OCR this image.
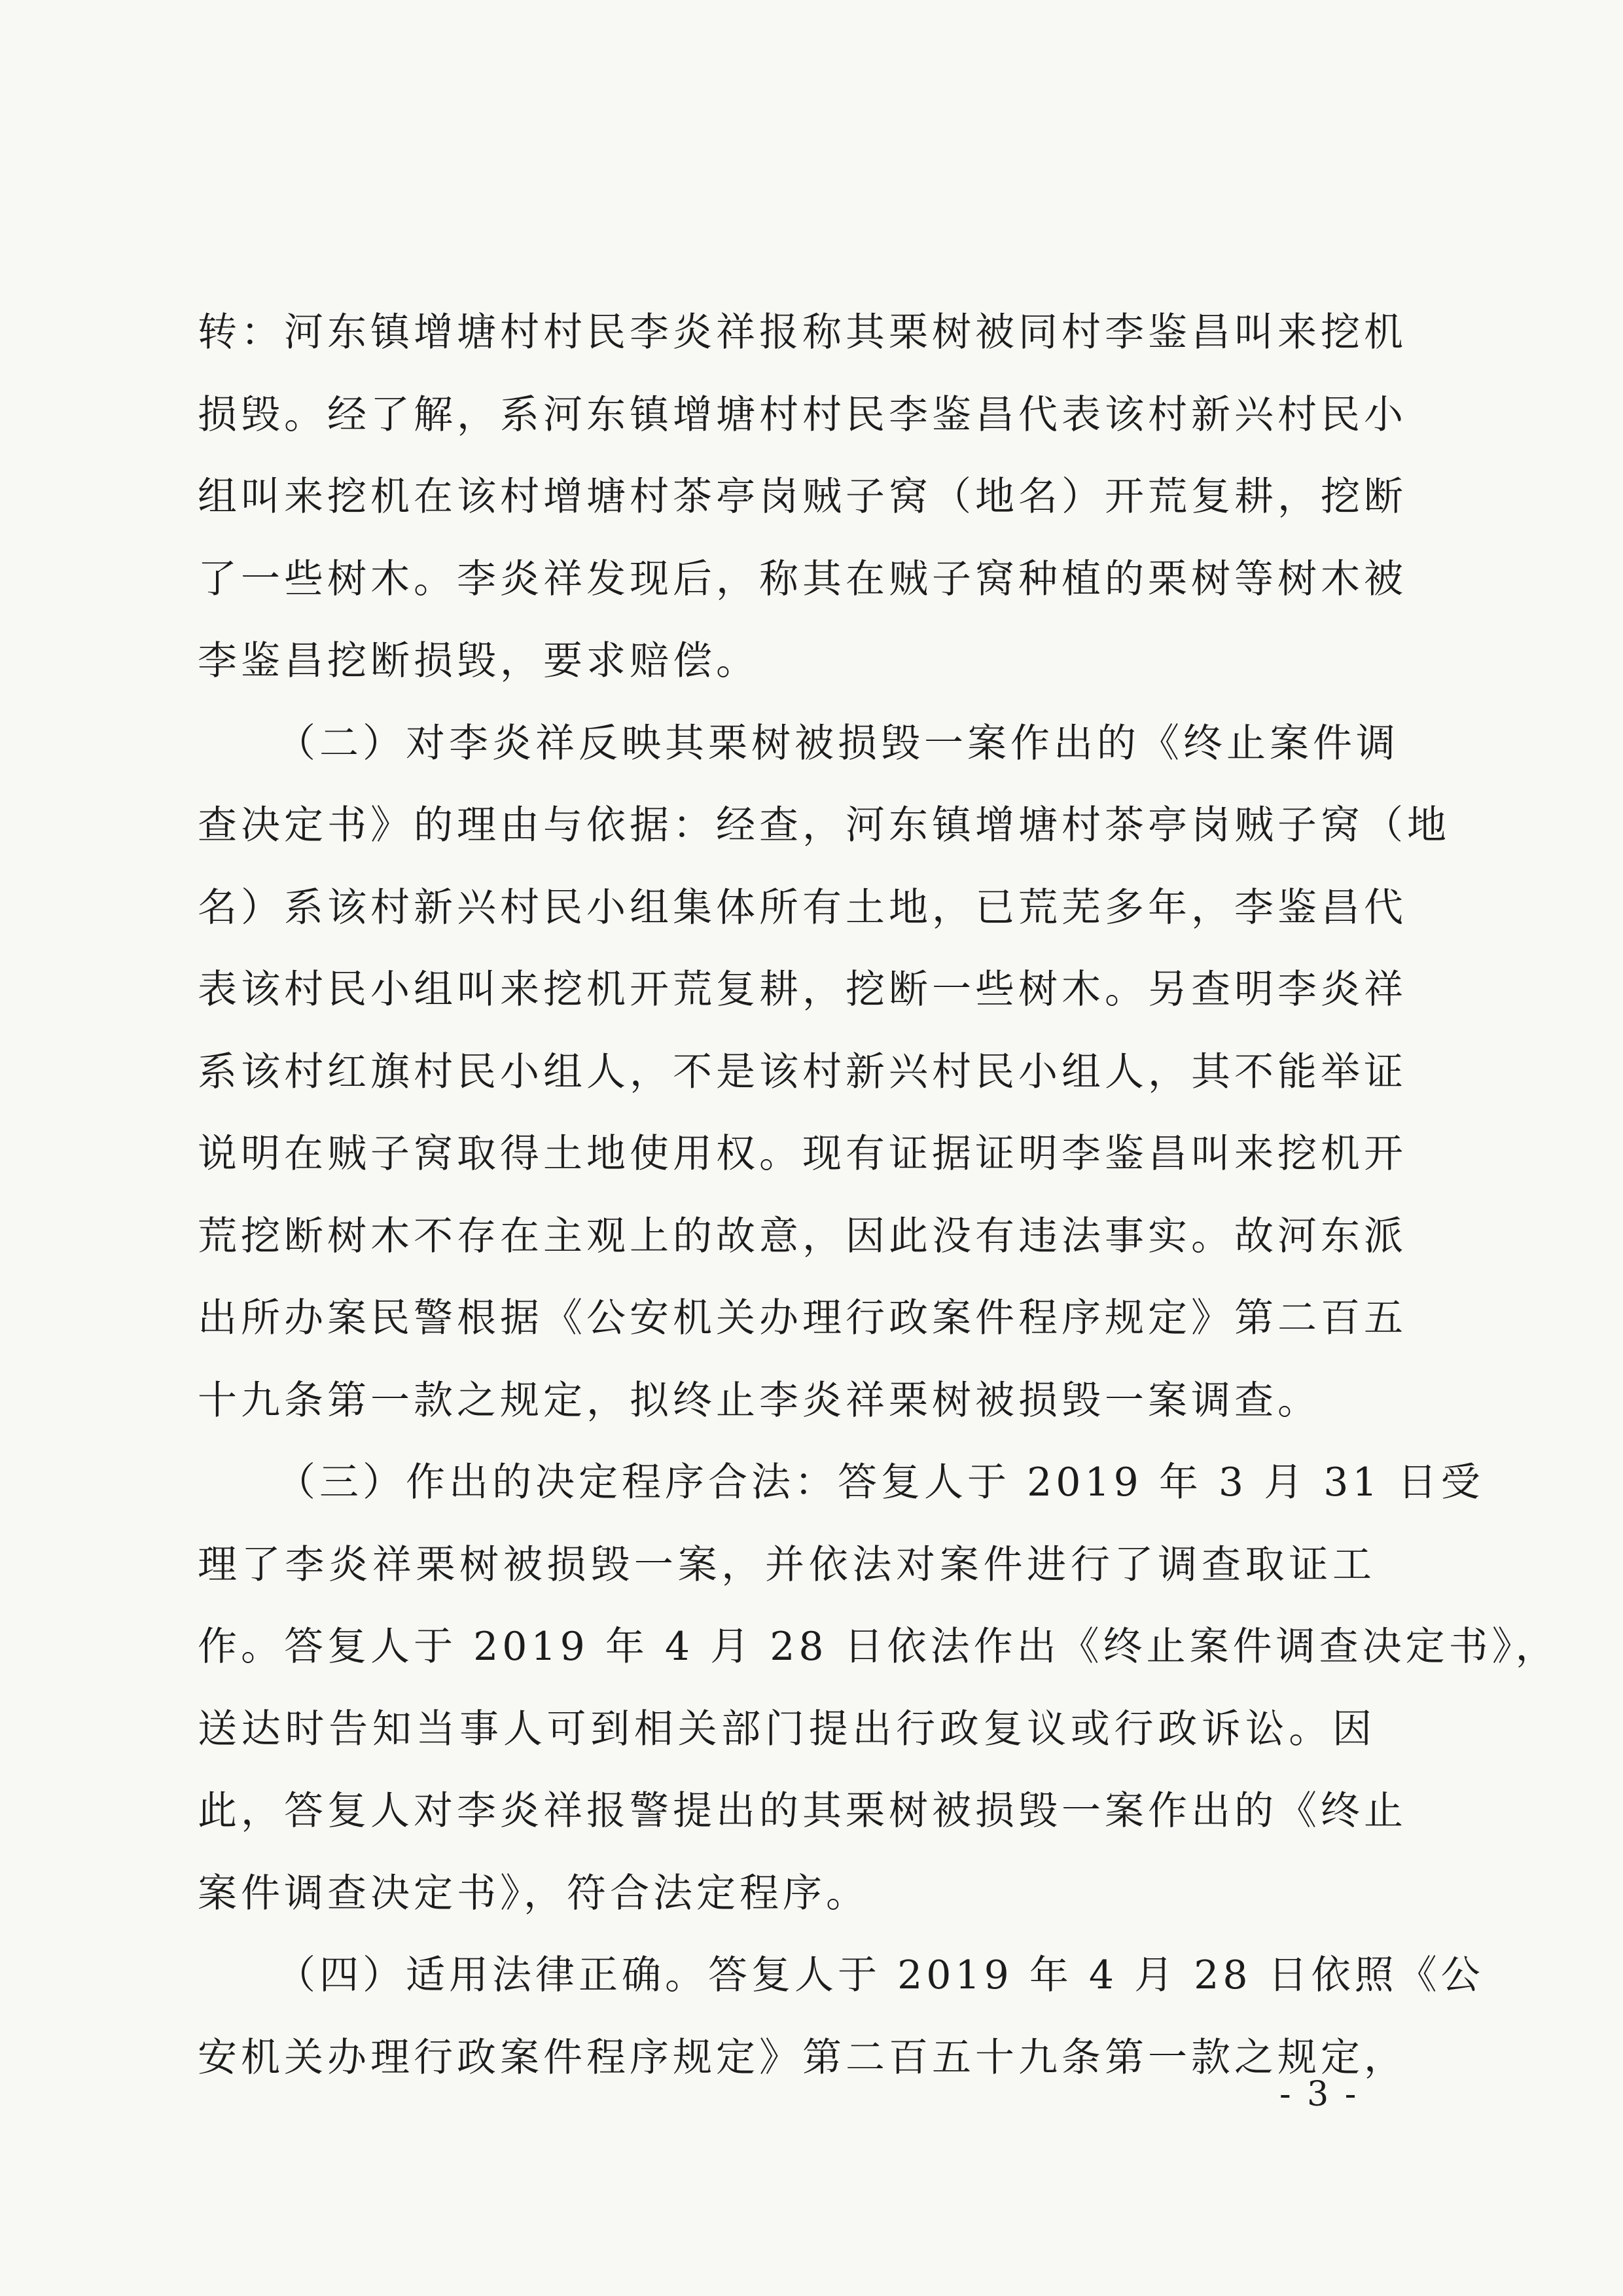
转：河东镇增塘村村民李炎祥报称其栗树被同村李鉴昌叫来挖机
损毁。经了解，系河东镇增塘村村民李鉴昌代表该村新兴村民小
组叫来挖机在该村增塘村茶亭岗贼子窝（地名）开荒复耕，挖断
了一些树木。李炎祥发现后，称其在贼子窝种植的栗树等树木被
李鉴昌挖断损毁，要求赔偿。
（二）对李炎祥反映其栗树被损毁一案作出的《终止案件调
查决定书》的理由与依据：经查，河东镇增塘村茶亭岗贼子窝（地
名）系该村新兴村民小组集体所有土地，已荒芜多年，李鉴昌代
表该村民小组叫来挖机开荒复耕，挖断一些树木。另查明李炎祥
系该村红旗村民小组人，不是该村新兴村民小组人，其不能举证
说明在贼子窝取得土地使用权。现有证据证明李鉴昌叫来挖机开
荒挖断树木不存在主观上的故意，因此没有违法事实。故河东派
出所办案民警根据《公安机关办理行政案件程序规定》第二百五
十九条第一款之规定，拟终止李炎祥栗树被损毁一案调查。
（三）作出的决定程序合法：答复人于 2019 年 3 月 31 日受
理了李炎祥栗树被损毁一案，并依法对案件进行了调查取证工
作。答复人于 2019 年 4 月 28 日依法作出《终止案件调查决定书》，
送达时告知当事人可到相关部门提出行政复议或行政诉讼。因
此，答复人对李炎祥报警提出的其栗树被损毁一案作出的《终止
案件调查决定书》，符合法定程序。
（四）适用法律正确。答复人于 2019 年 4 月 28 日依照《公
安机关办理行政案件程序规定》第二百五十九条第一款之规定，
- 3 -
